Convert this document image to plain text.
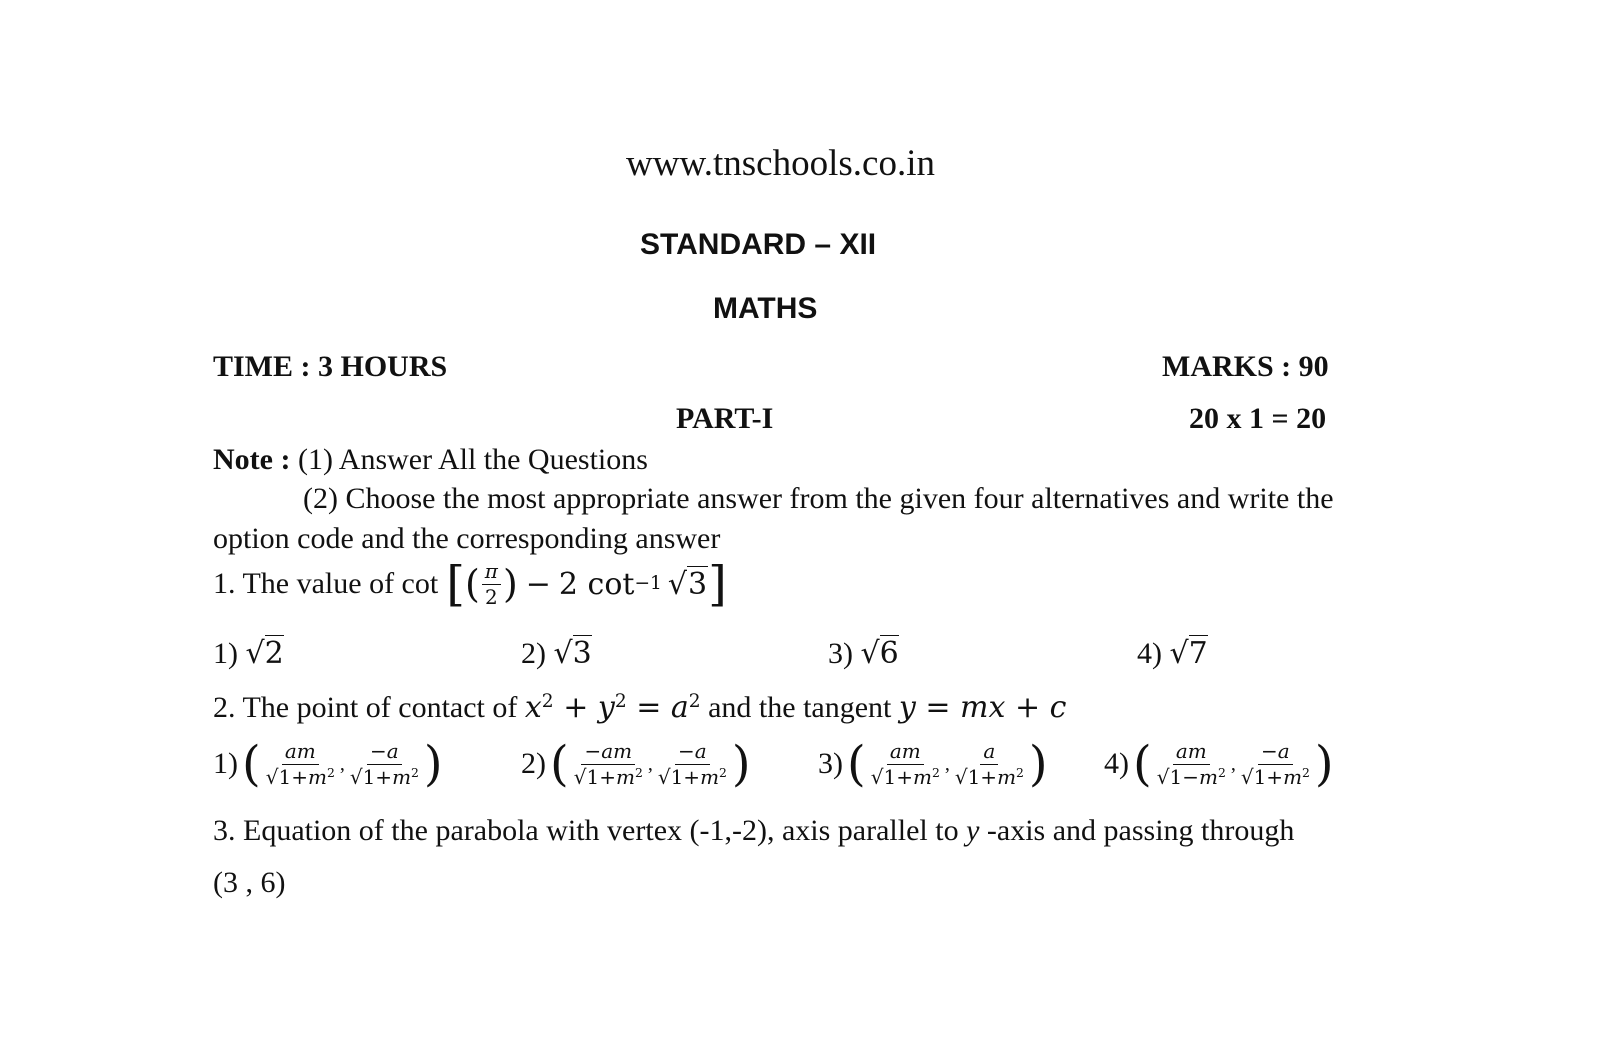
www.tnschools.co.in
STANDARD – XII
MATHS
TIME : 3 HOURS	MARKS : 90
PART-I	20 x 1 = 20
Note : (1) Answer All the Questions
(2) Choose the most appropriate answer from the given four alternatives and write the
option code and the corresponding answer
1. The value of cot [ ( $\frac{\pi}{2}$ ) − 2 cot −1 √3 ]
1) √2	2) √3	3) √6	4) √7
2. The point of contact of $x^2 + y^2 = a^2$ and the tangent y = mx + c
1) ( $\frac{am}{√1+m^2}$ , $\frac{-a}{√1+m^2}$ )	2) ( $\frac{-am}{√1+m^2}$ , $\frac{-a}{√1+m^2}$ ) 3) ( $\frac{am}{√1+m^2}$ , $\frac{a}{√1+m^2}$ ) 4) ( $\frac{am}{√1-m^2}$ , $\frac{-a}{√1+m^2}$ )
3. Equation of the parabola with vertex (-1,-2), axis parallel to y -axis and passing through
(3 , 6)
